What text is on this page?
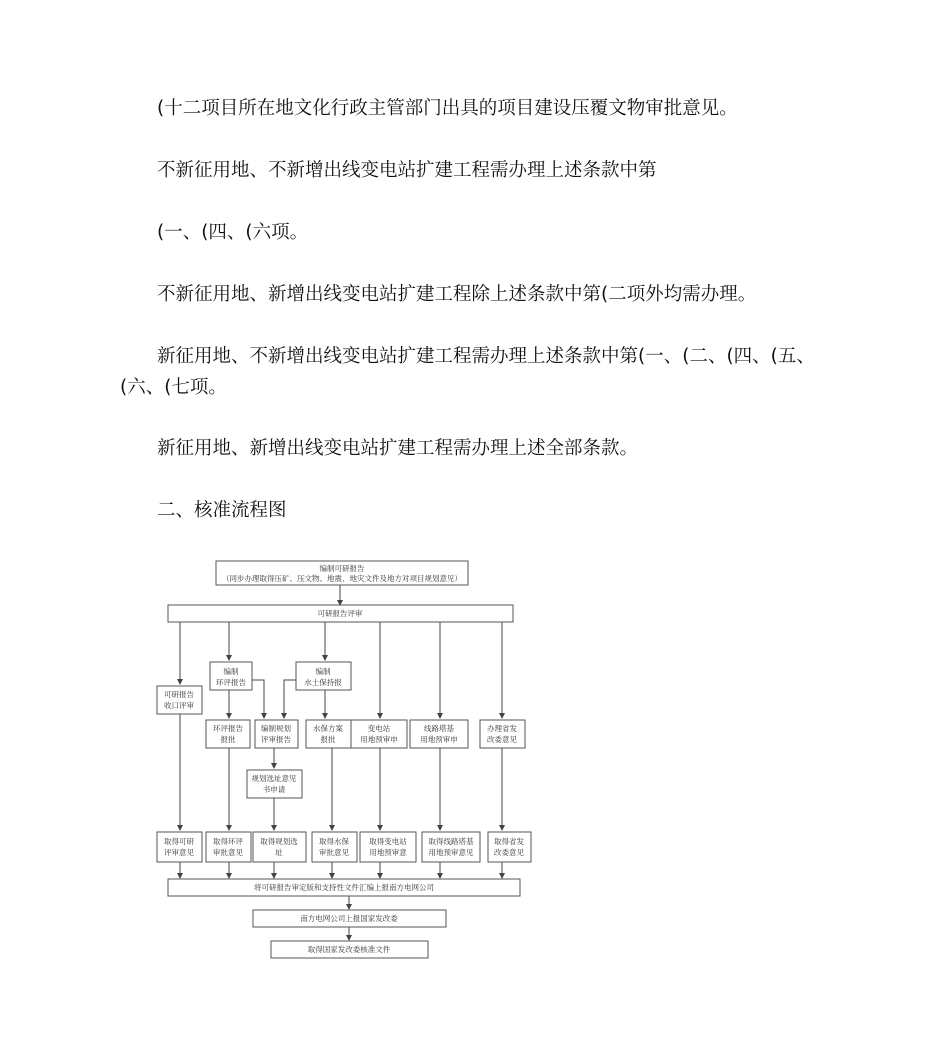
(十二项目所在地文化行政主管部门出具的项目建设压覆文物审批意见。

不新征用地、不新增出线变电站扩建工程需办理上述条款中第

(一、(四、(六项。

不新征用地、新增出线变电站扩建工程除上述条款中第(二项外均需办理。

新征用地、不新增出线变电站扩建工程需办理上述条款中第(一、(二、(四、(五、

(六、(七项。

新征用地、新增出线变电站扩建工程需办理上述全部条款。

二、核准流程图

编制可研报告
（同步办理取得压矿、压文物、地震、地灾文件及地方对项目规划意见）
可研报告评审
编制
环评报告
编制
水土保持报
可研报告
收口评审
环评报告
报批
编制规划
评审报告
水保方案
报批
变电站
用地预审申
线路塔基
用地预审申
办理省发
改委意见
规划选址意见
书申请
取得可研
评审意见
取得环评
审批意见
取得规划选
址
取得水保
审批意见
取得变电站
用地预审意
取得线路塔基
用地预审意见
取得省发
改委意见
将可研报告审定版和支持性文件汇编上报南方电网公司
南方电网公司上报国家发改委
取得国家发改委核准文件
